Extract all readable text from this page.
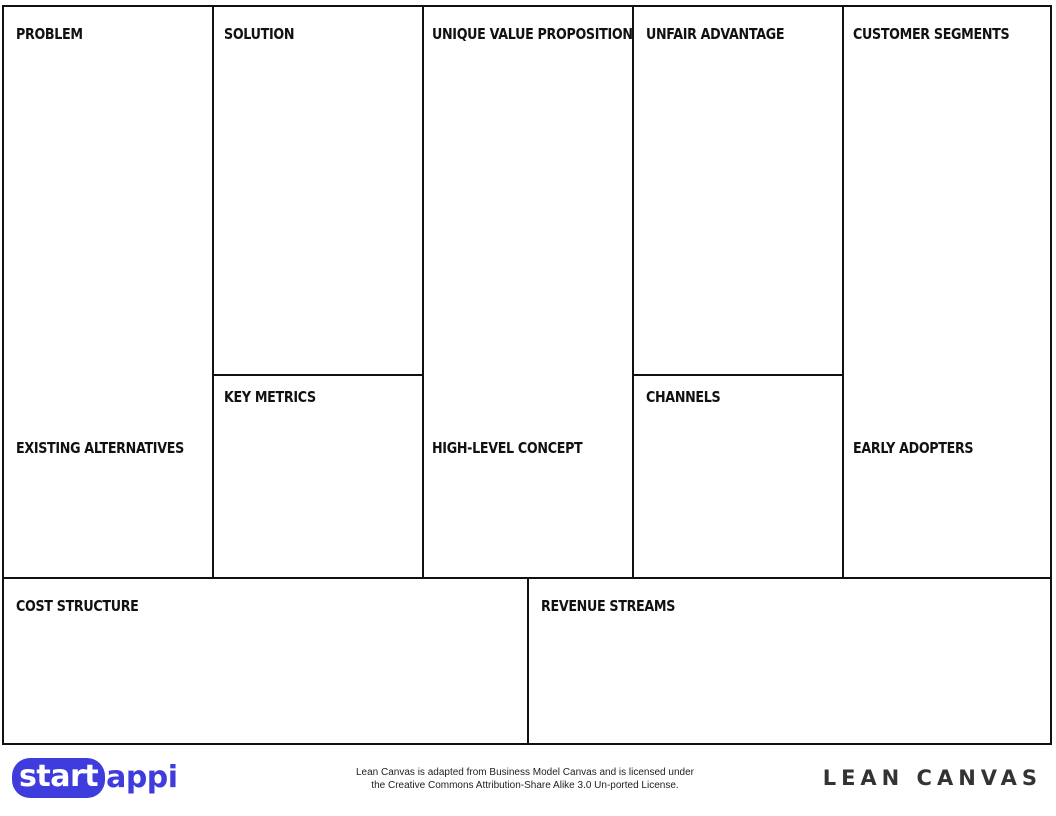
PROBLEM
EXISTING ALTERNATIVES
SOLUTION
KEY METRICS
UNIQUE VALUE PROPOSITION
HIGH-LEVEL CONCEPT
UNFAIR ADVANTAGE
CHANNELS
CUSTOMER SEGMENTS
EARLY ADOPTERS
COST STRUCTURE	REVENUE STREAMS
start appi	Lean Canvas is adapted from Business Model Canvas and is licensed under
the Creative Commons Attribution-Share Alike 3.0 Un-ported License.	LEAN CANVAS
